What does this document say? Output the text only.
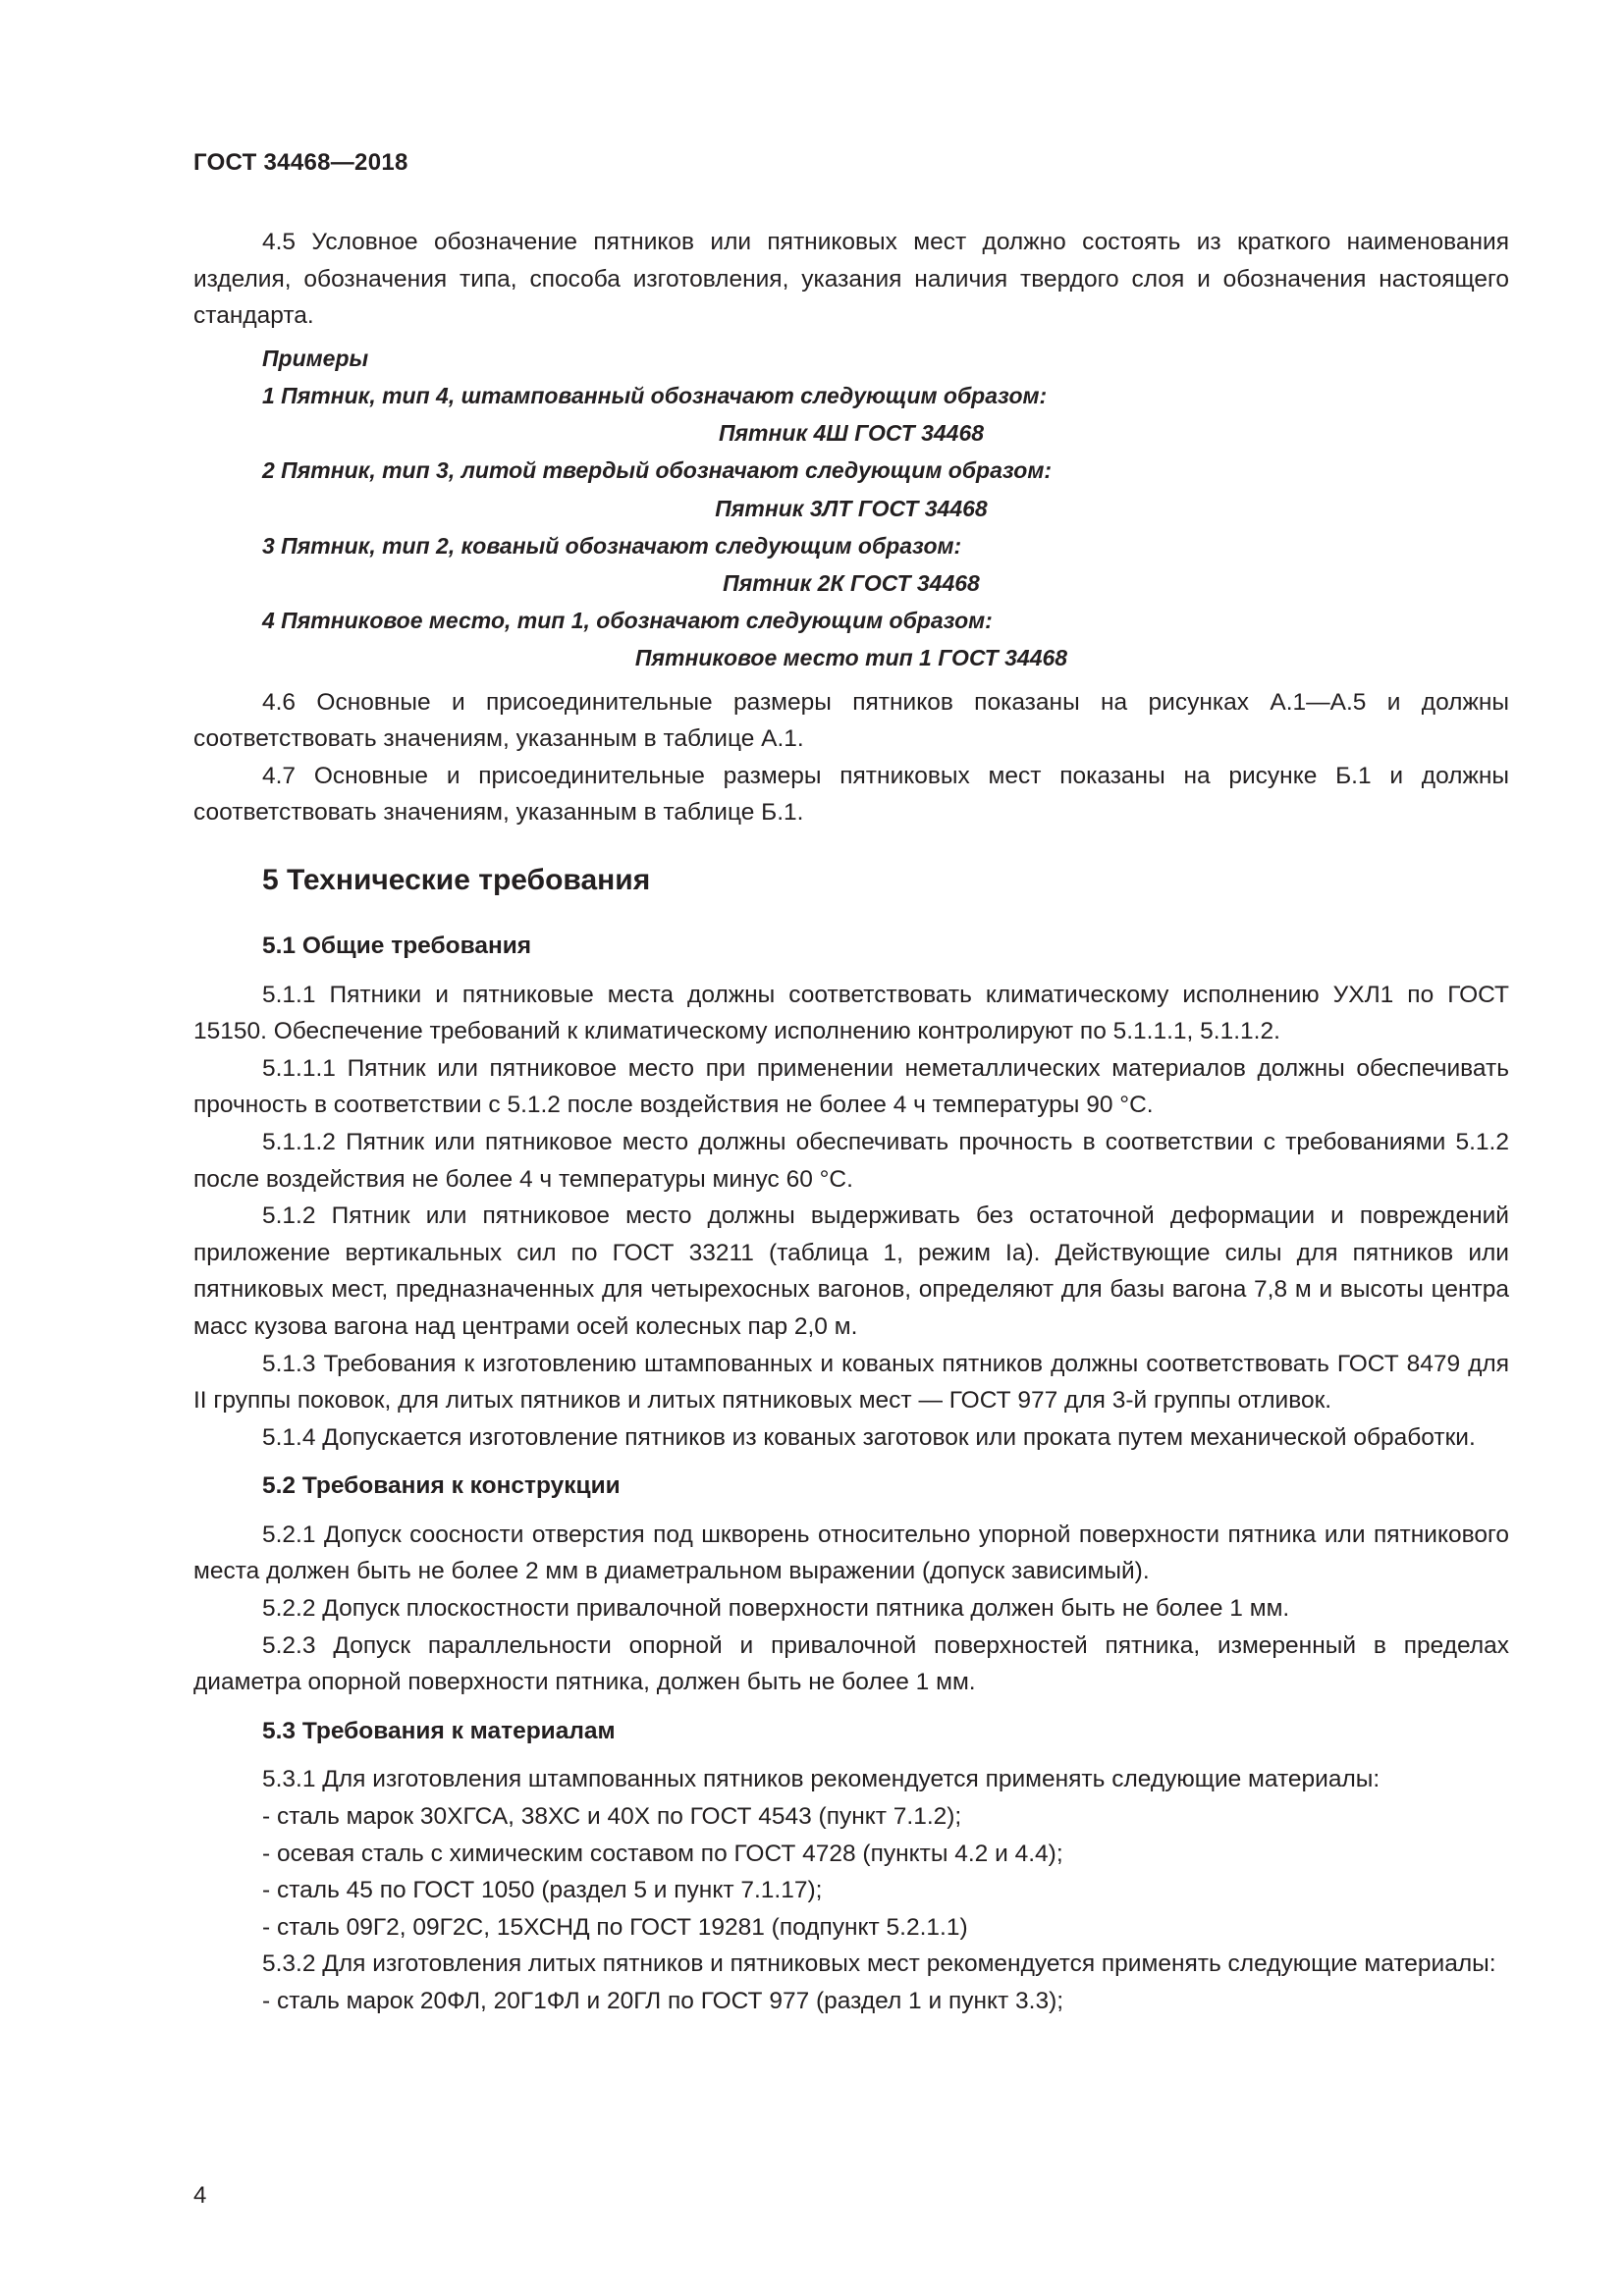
ГОСТ 34468—2018

4.5 Условное обозначение пятников или пятниковых мест должно состоять из краткого наименования изделия, обозначения типа, способа изготовления, указания наличия твердого слоя и обозначения настоящего стандарта.

Примеры
1 Пятник, тип 4, штампованный обозначают следующим образом:
Пятник 4Ш ГОСТ 34468
2 Пятник, тип 3, литой твердый обозначают следующим образом:
Пятник 3ЛТ ГОСТ 34468
3 Пятник, тип 2, кованый обозначают следующим образом:
Пятник 2К ГОСТ 34468
4 Пятниковое место, тип 1, обозначают следующим образом:
Пятниковое место тип 1 ГОСТ 34468

4.6 Основные и присоединительные размеры пятников показаны на рисунках А.1—А.5 и должны соответствовать значениям, указанным в таблице А.1.

4.7 Основные и присоединительные размеры пятниковых мест показаны на рисунке Б.1 и должны соответствовать значениям, указанным в таблице Б.1.

5 Технические требования
5.1 Общие требования

5.1.1 Пятники и пятниковые места должны соответствовать климатическому исполнению УХЛ1 по ГОСТ 15150. Обеспечение требований к климатическому исполнению контролируют по 5.1.1.1, 5.1.1.2.

5.1.1.1 Пятник или пятниковое место при применении неметаллических материалов должны обеспечивать прочность в соответствии с 5.1.2 после воздействия не более 4 ч температуры 90 °С.

5.1.1.2 Пятник или пятниковое место должны обеспечивать прочность в соответствии с требованиями 5.1.2 после воздействия не более 4 ч температуры минус 60 °С.

5.1.2 Пятник или пятниковое место должны выдерживать без остаточной деформации и повреждений приложение вертикальных сил по ГОСТ 33211 (таблица 1, режим Iа). Действующие силы для пятников или пятниковых мест, предназначенных для четырехосных вагонов, определяют для базы вагона 7,8 м и высоты центра масс кузова вагона над центрами осей колесных пар 2,0 м.

5.1.3 Требования к изготовлению штампованных и кованых пятников должны соответствовать ГОСТ 8479 для II группы поковок, для литых пятников и литых пятниковых мест — ГОСТ 977 для 3-й группы отливок.

5.1.4 Допускается изготовление пятников из кованых заготовок или проката путем механической обработки.

5.2 Требования к конструкции

5.2.1 Допуск соосности отверстия под шкворень относительно упорной поверхности пятника или пятникового места должен быть не более 2 мм в диаметральном выражении (допуск зависимый).

5.2.2 Допуск плоскостности привалочной поверхности пятника должен быть не более 1 мм.

5.2.3 Допуск параллельности опорной и привалочной поверхностей пятника, измеренный в пределах диаметра опорной поверхности пятника, должен быть не более 1 мм.

5.3 Требования к материалам

5.3.1 Для изготовления штампованных пятников рекомендуется применять следующие материалы:

- сталь марок 30ХГСА, 38ХС и 40Х по ГОСТ 4543 (пункт 7.1.2);
- осевая сталь с химическим составом по ГОСТ 4728 (пункты 4.2 и 4.4);
- сталь 45 по ГОСТ 1050 (раздел 5 и пункт 7.1.17);
- сталь 09Г2, 09Г2С, 15ХСНД по ГОСТ 19281 (подпункт 5.2.1.1)

5.3.2 Для изготовления литых пятников и пятниковых мест рекомендуется применять следующие материалы:

- сталь марок 20ФЛ, 20Г1ФЛ и 20ГЛ по ГОСТ 977 (раздел 1 и пункт 3.3);
4
